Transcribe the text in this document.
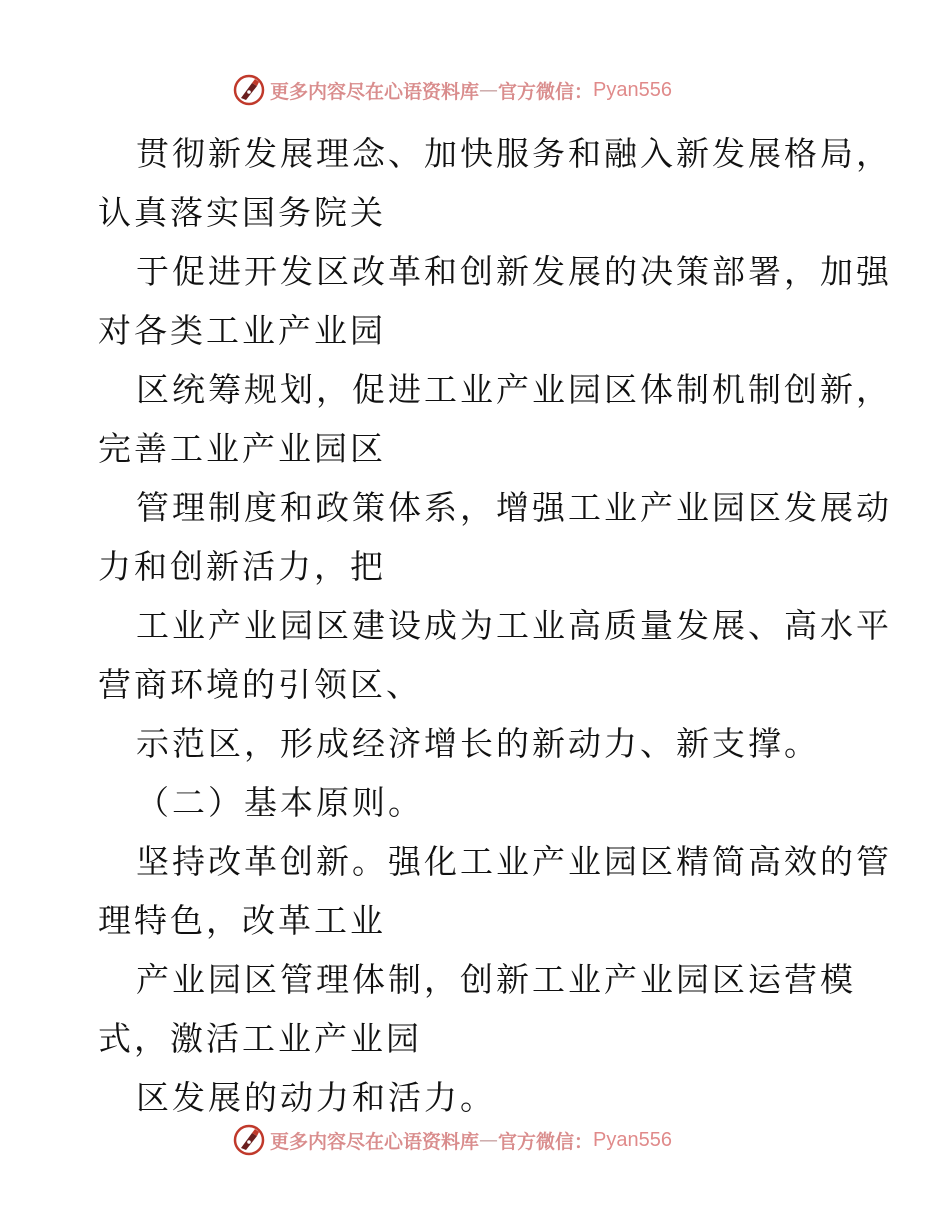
更多内容尽在心语资料库 — 官方微信： Pyan556
贯彻新发展理念、加快服务和融入新发展格局，
认真落实国务院关
于促进开发区改革和创新发展的决策部署，加强
对各类工业产业园
区统筹规划，促进工业产业园区体制机制创新，
完善工业产业园区
管理制度和政策体系，增强工业产业园区发展动
力和创新活力，把
工业产业园区建设成为工业高质量发展、高水平
营商环境的引领区、
示范区，形成经济增长的新动力、新支撑。
（二）基本原则。
坚持改革创新。强化工业产业园区精简高效的管
理特色，改革工业
产业园区管理体制，创新工业产业园区运营模
式，激活工业产业园
区发展的动力和活力。
更多内容尽在心语资料库 — 官方微信： Pyan556
